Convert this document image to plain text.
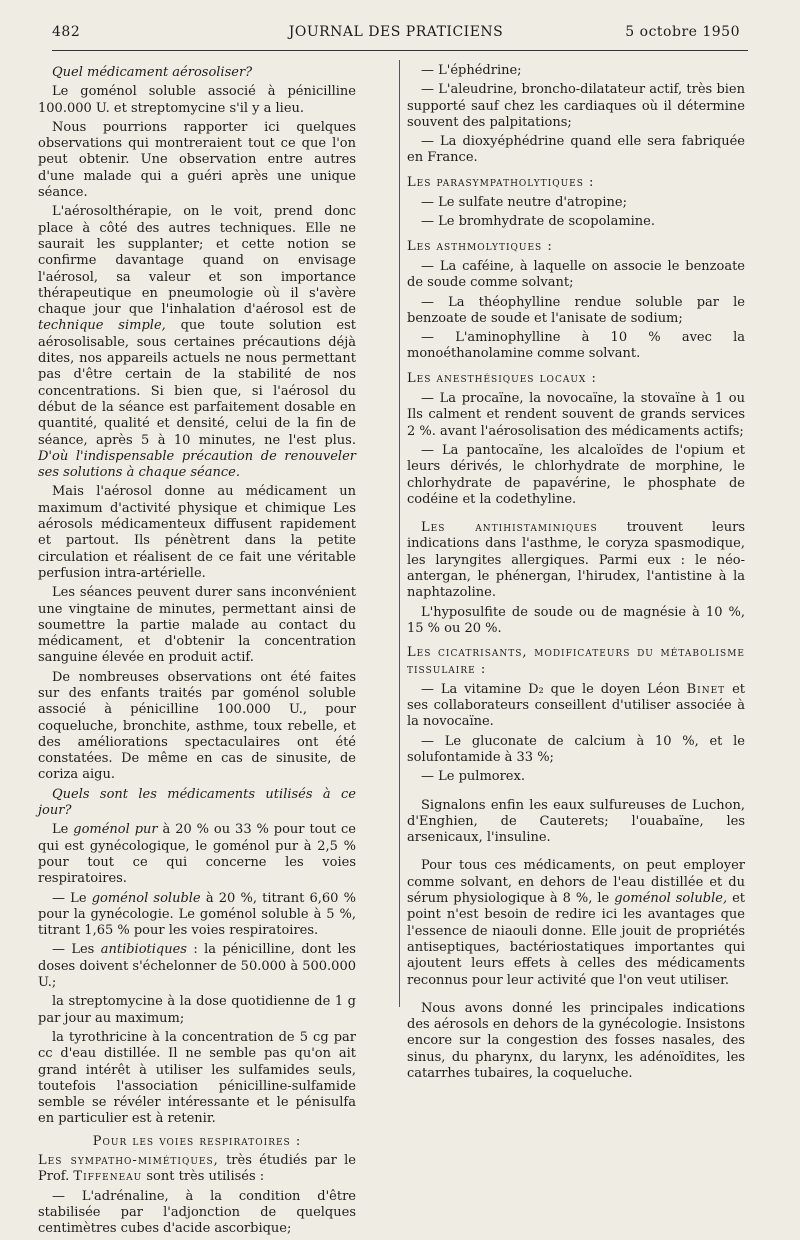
482	JOURNAL DES PRATICIENS	5 octobre 1950

Quel médicament aérosoliser?

Le goménol soluble associé à pénicilline 100.000 U. et streptomycine s'il y a lieu.

Nous pourrions rapporter ici quelques observations qui montreraient tout ce que l'on peut obtenir. Une observation entre autres d'une malade qui a guéri après une unique séance.

L'aérosolthérapie, on le voit, prend donc place à côté des autres techniques. Elle ne saurait les supplanter; et cette notion se confirme davantage quand on envisage l'aérosol, sa valeur et son importance thérapeutique en pneumologie où il s'avère chaque jour que l'inhalation d'aérosol est de technique simple, que toute solution est aérosolisable, sous certaines précautions déjà dites, nos appareils actuels ne nous permettant pas d'être certain de la stabilité de nos concentrations. Si bien que, si l'aérosol du début de la séance est parfaitement dosable en quantité, qualité et densité, celui de la fin de séance, après 5 à 10 minutes, ne l'est plus. D'où l'indispensable précaution de renouveler ses solutions à chaque séance.

Mais l'aérosol donne au médicament un maximum d'activité physique et chimique Les aérosols médicamenteux diffusent rapidement et partout. Ils pénètrent dans la petite circulation et réalisent de ce fait une véritable perfusion intra-artérielle.

Les séances peuvent durer sans inconvénient une vingtaine de minutes, permettant ainsi de soumettre la partie malade au contact du médicament, et d'obtenir la concentration sanguine élevée en produit actif.

De nombreuses observations ont été faites sur des enfants traités par goménol soluble associé à pénicilline 100.000 U., pour coqueluche, bronchite, asthme, toux rebelle, et des améliorations spectaculaires ont été constatées. De même en cas de sinusite, de coriza aigu.

Quels sont les médicaments utilisés à ce jour?

Le goménol pur à 20 % ou 33 % pour tout ce qui est gynécologique, le goménol pur à 2,5 % pour tout ce qui concerne les voies respiratoires.

— Le goménol soluble à 20 %, titrant 6,60 % pour la gynécologie. Le goménol soluble à 5 %, titrant 1,65 % pour les voies respiratoires.

— Les antibiotiques : la pénicilline, dont les doses doivent s'échelonner de 50.000 à 500.000 U.;

la streptomycine à la dose quotidienne de 1 g par jour au maximum;

la tyrothricine à la concentration de 5 cg par cc d'eau distillée. Il ne semble pas qu'on ait grand intérêt à utiliser les sulfamides seuls, toutefois l'association pénicilline-sulfamide semble se révéler intéressante et le pénisulfa en particulier est à retenir.

Pour les voies respiratoires :

Les sympatho-mimétiques, très étudiés par le Prof. Tiffeneau sont très utilisés :

— L'adrénaline, à la condition d'être stabilisée par l'adjonction de quelques centimètres cubes d'acide ascorbique;

— L'éphédrine;

— L'aleudrine, broncho-dilatateur actif, très bien supporté sauf chez les cardiaques où il détermine souvent des palpitations;

— La dioxyéphédrine quand elle sera fabriquée en France.

Les parasympatholytiques :

— Le sulfate neutre d'atropine;

— Le bromhydrate de scopolamine.

Les asthmolytiques :

— La caféine, à laquelle on associe le benzoate de soude comme solvant;

— La théophylline rendue soluble par le benzoate de soude et l'anisate de sodium;

— L'aminophylline à 10 % avec la monoéthanolamine comme solvant.

Les anesthésiques locaux :

— La procaïne, la novocaïne, la stovaïne à 1 ou Ils calment et rendent souvent de grands services 2 %. avant l'aérosolisation des médicaments actifs;

— La pantocaïne, les alcaloïdes de l'opium et leurs dérivés, le chlorhydrate de morphine, le chlorhydrate de papavérine, le phosphate de codéine et la codethyline.

Les antihistaminiques trouvent leurs indications dans l'asthme, le coryza spasmodique, les laryngites allergiques. Parmi eux : le néo-antergan, le phénergan, l'hirudex, l'antistine à la naphtazoline.

L'hyposulfite de soude ou de magnésie à 10 %, 15 % ou 20 %.

Les cicatrisants, modificateurs du métabolisme tissulaire :

— La vitamine D₂ que le doyen Léon Binet et ses collaborateurs conseillent d'utiliser associée à la novocaïne.

— Le gluconate de calcium à 10 %, et le solufontamide à 33 %;

— Le pulmorex.

Signalons enfin les eaux sulfureuses de Luchon, d'Enghien, de Cauterets; l'ouabaïne, les arsenicaux, l'insuline.

Pour tous ces médicaments, on peut employer comme solvant, en dehors de l'eau distillée et du sérum physiologique à 8 %, le goménol soluble, et point n'est besoin de redire ici les avantages que l'essence de niaouli donne. Elle jouit de propriétés antiseptiques, bactériostatiques importantes qui ajoutent leurs effets à celles des médicaments reconnus pour leur activité que l'on veut utiliser.

Nous avons donné les principales indications des aérosols en dehors de la gynécologie. Insistons encore sur la congestion des fosses nasales, des sinus, du pharynx, du larynx, les adénoïdites, les catarrhes tubaires, la coqueluche.
